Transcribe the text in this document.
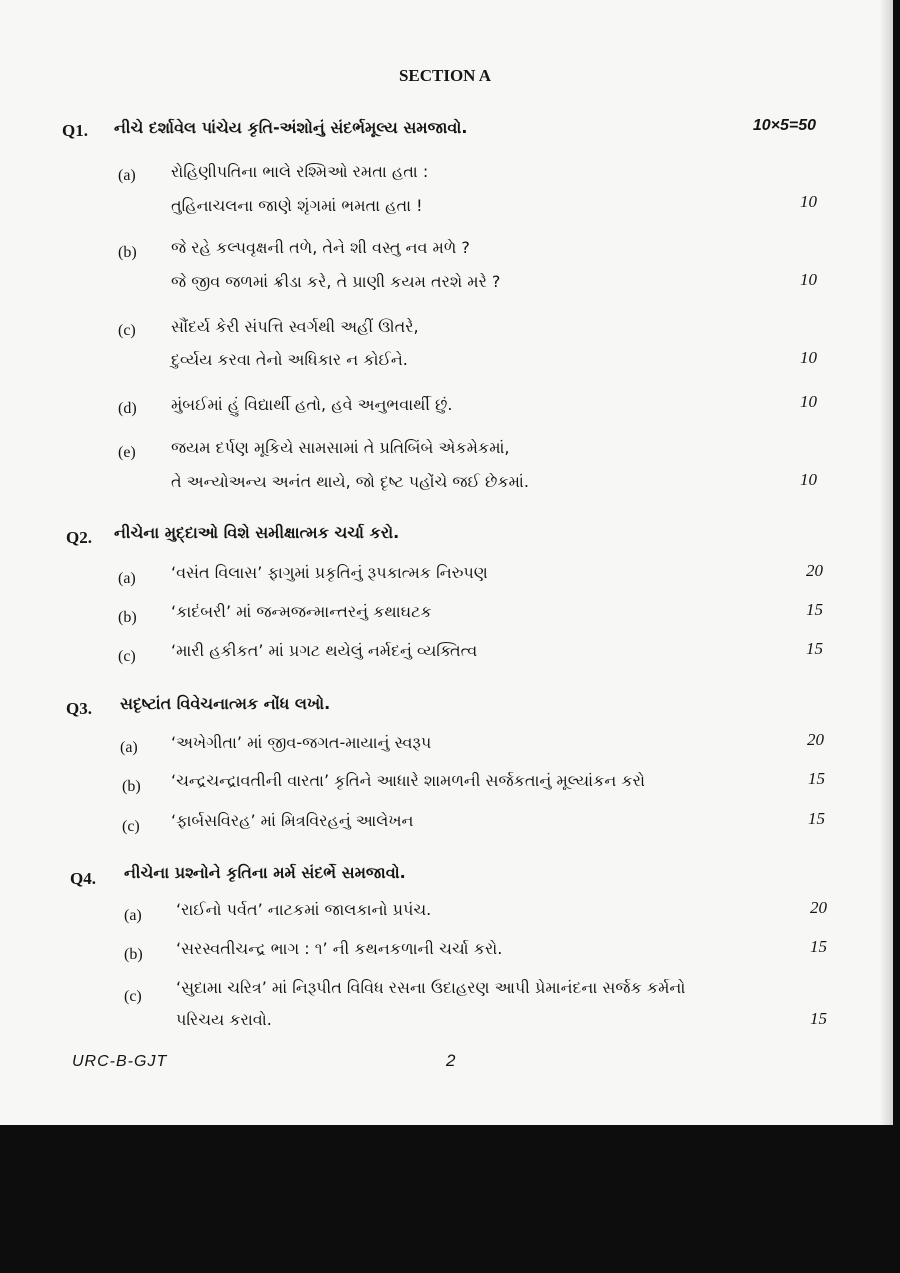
SECTION A
Q1. નીચે દર્શાવેલ પાંચેય કૃતિ-અંશોનું સંદર્ભમૂલ્ય સમજાવો.	10×5=50
(a) રોહિણીપતિના ભાલે રશ્મિઓ રમતા હતા :
તુહિનાચલના જાણે શૃંગમાં ભમતા હતા !	10
(b) જે રહે કલ્પવૃક્ષની તળે, તેને શી વસ્તુ નવ મળે ?
જે જીવ જળમાં ક્રીડા કરે, તે પ્રાણી કયમ તરશે મરે ?	10
(c) સૌંદર્ય કેરી સંપત્તિ સ્વર્ગથી અહીં ઊતરે,
દુર્વ્યય કરવા તેનો અધિકાર ન કોઈને.	10
(d) મુંબઈમાં હું વિદ્યાર્થી હતો, હવે અનુભવાર્થી છું.	10
(e) જયમ દર્પણ મૂકિયે સામસામાં તે પ્રતિબિંબે એકમેકમાં,
તે અન્યોઅન્ય અનંત થાયે, જો દૃષ્ટ પહોંચે જઈ છેકમાં.	10
Q2. નીચેના મુદ્દાઓ વિશે સમીક્ષાત્મક ચર્ચા કરો.
(a) ‘વસંત વિલાસ’ ફાગુમાં પ્રકૃતિનું રૂપકાત્મક નિરુપણ	20
(b) ‘કાદંબરી’ માં જન્મજન્માન્તરનું કથાઘટક	15
(c) ‘મારી હકીકત’ માં પ્રગટ થયેલું નર્મદનું વ્યક્તિત્વ	15
Q3. સદૃષ્ટાંત વિવેચનાત્મક નોંધ લખો.
(a) ‘અખેગીતા’ માં જીવ-જગત-માયાનું સ્વરૂપ	20
(b) ‘ચન્દ્રચન્દ્રાવતીની વારતા’ કૃતિને આધારે શામળની સર્જકતાનું મૂલ્યાંકન કરો	15
(c) ‘ફાર્બસવિરહ’ માં મિત્રવિરહનું આલેખન	15
Q4. નીચેના પ્રશ્નોને કૃતિના મર્મ સંદર્ભે સમજાવો.
(a) ‘રાઈનો પર્વત’ નાટકમાં જાલકાનો પ્રપંચ.	20
(b) ‘સરસ્વતીચન્દ્ર ભાગ : ૧’ ની કથનકળાની ચર્ચા કરો.	15
(c) ‘સુદામા ચરિત્ર’ માં નિરૂપીત વિવિધ રસના ઉદાહરણ આપી પ્રેમાનંદના સર્જક કર્મનો
પરિચય કરાવો.	15
URC-B-GJT	2
